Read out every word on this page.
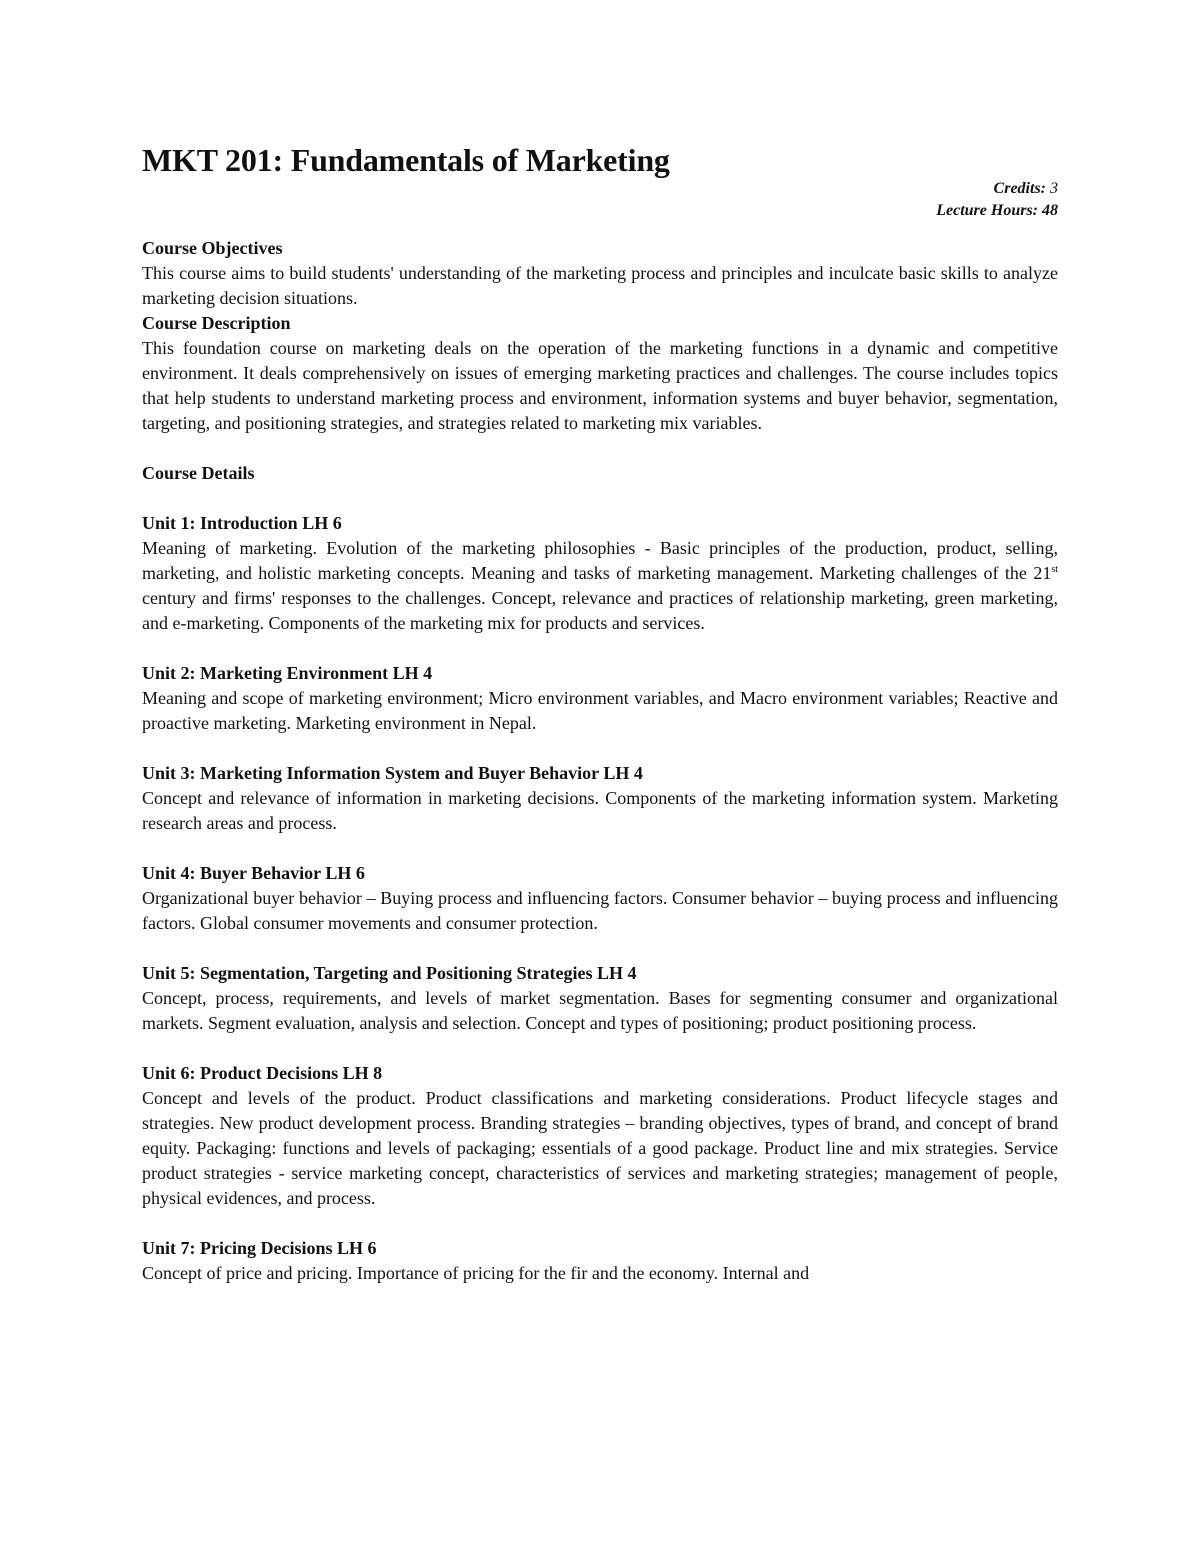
MKT 201: Fundamentals of Marketing
Credits: 3
Lecture Hours: 48

Course Objectives

This course aims to build students' understanding of the marketing process and principles and inculcate basic skills to analyze marketing decision situations.

Course Description

This foundation course on marketing deals on the operation of the marketing functions in a dynamic and competitive environment. It deals comprehensively on issues of emerging marketing practices and challenges. The course includes topics that help students to understand marketing process and environment, information systems and buyer behavior, segmentation, targeting, and positioning strategies, and strategies related to marketing mix variables.

Course Details

Unit 1: Introduction LH 6

Meaning of marketing. Evolution of the marketing philosophies - Basic principles of the production, product, selling, marketing, and holistic marketing concepts. Meaning and tasks of marketing management. Marketing challenges of the 21st century and firms' responses to the challenges. Concept, relevance and practices of relationship marketing, green marketing, and e-marketing. Components of the marketing mix for products and services.

Unit 2: Marketing Environment LH 4

Meaning and scope of marketing environment; Micro environment variables, and Macro environment variables; Reactive and proactive marketing. Marketing environment in Nepal.

Unit 3: Marketing Information System and Buyer Behavior LH 4

Concept and relevance of information in marketing decisions. Components of the marketing information system. Marketing research areas and process.

Unit 4: Buyer Behavior LH 6

Organizational buyer behavior – Buying process and influencing factors. Consumer behavior – buying process and influencing factors. Global consumer movements and consumer protection.

Unit 5: Segmentation, Targeting and Positioning Strategies LH 4

Concept, process, requirements, and levels of market segmentation. Bases for segmenting consumer and organizational markets. Segment evaluation, analysis and selection. Concept and types of positioning; product positioning process.

Unit 6: Product Decisions LH 8

Concept and levels of the product. Product classifications and marketing considerations. Product lifecycle stages and strategies. New product development process. Branding strategies – branding objectives, types of brand, and concept of brand equity. Packaging: functions and levels of packaging; essentials of a good package. Product line and mix strategies. Service product strategies - service marketing concept, characteristics of services and marketing strategies; management of people, physical evidences, and process.

Unit 7: Pricing Decisions LH 6

Concept of price and pricing. Importance of pricing for the fir and the economy. Internal and
